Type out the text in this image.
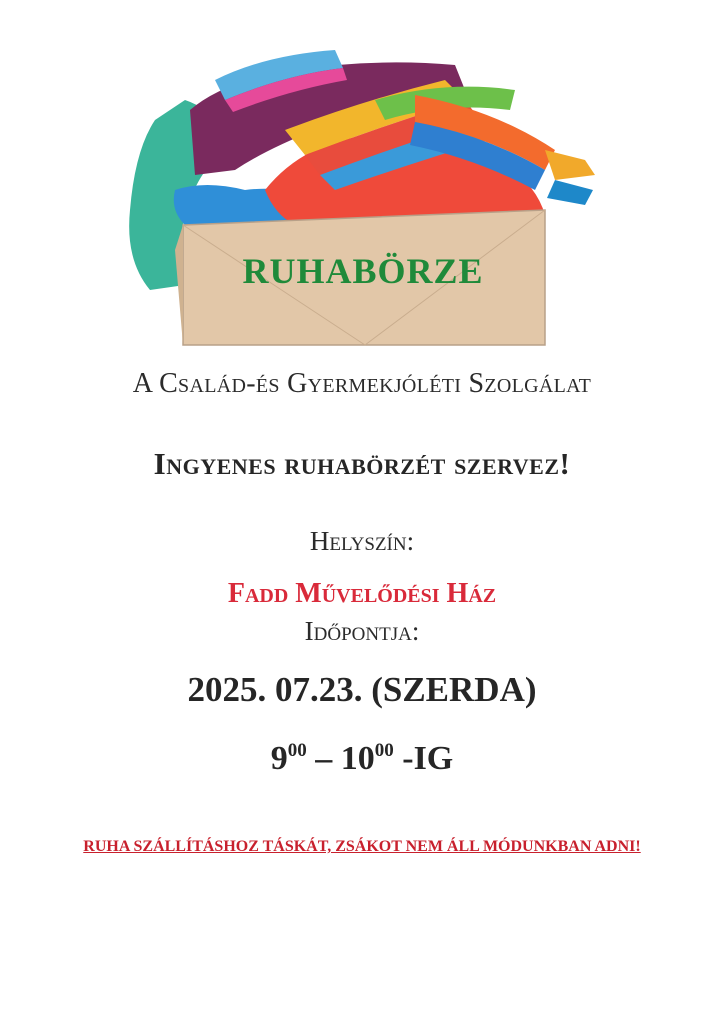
RUHABÖRZE
A Család-és Gyermekjóléti Szolgálat
Ingyenes ruhabörzét szervez!
Helyszín:
Fadd Művelődési Ház
Időpontja:
2025. 07.23. (SZERDA)
$9^{00} - 10^{00}$ -IG
RUHA SZÁLLÍTÁSHOZ TÁSKÁT, ZSÁKOT NEM ÁLL MÓDUNKBAN ADNI!
